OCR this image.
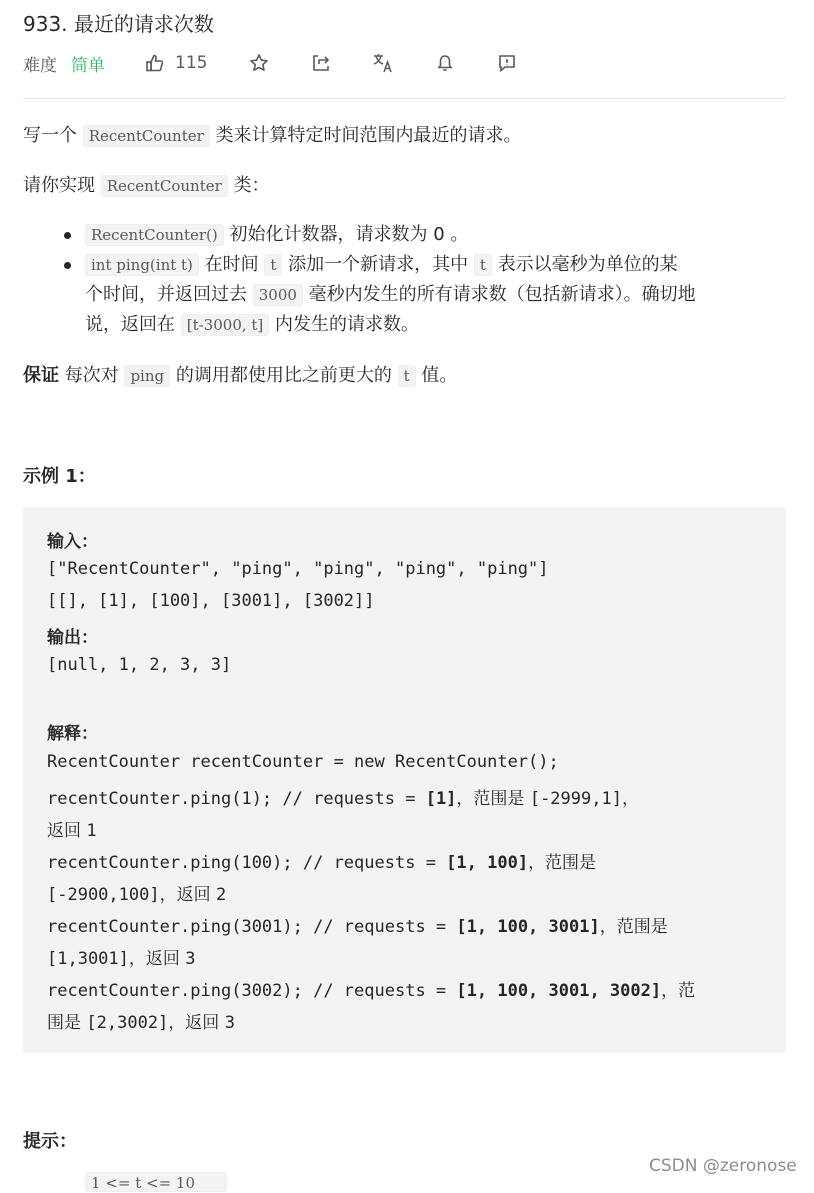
933. 最近的请求次数
难度 简单	115
写一个 RecentCounter 类来计算特定时间范围内最近的请求。
请你实现 RecentCounter 类：
RecentCounter() 初始化计数器，请求数为 0 。
int ping(int t) 在时间 t 添加一个新请求，其中 t 表示以毫秒为单位的某
个时间，并返回过去 3000 毫秒内发生的所有请求数（包括新请求）。确切地
说，返回在 [t-3000, t] 内发生的请求数。
保证 每次对 ping 的调用都使用比之前更大的 t 值。
示例 1：
输入：
["RecentCounter", "ping", "ping", "ping", "ping"]
[[], [1], [100], [3001], [3002]]
输出：
[null, 1, 2, 3, 3]
解释：
RecentCounter recentCounter = new RecentCounter();
recentCounter.ping(1); // requests = [1]，范围是 [-2999,1]，
返回 1
recentCounter.ping(100); // requests = [1, 100]，范围是
[-2900,100]，返回 2
recentCounter.ping(3001); // requests = [1, 100, 3001]，范围是
[1,3001]，返回 3
recentCounter.ping(3002); // requests = [1, 100, 3001, 3002]，范
围是 [2,3002]，返回 3
提示：
1 <= t <= 10
CSDN @zeronose
